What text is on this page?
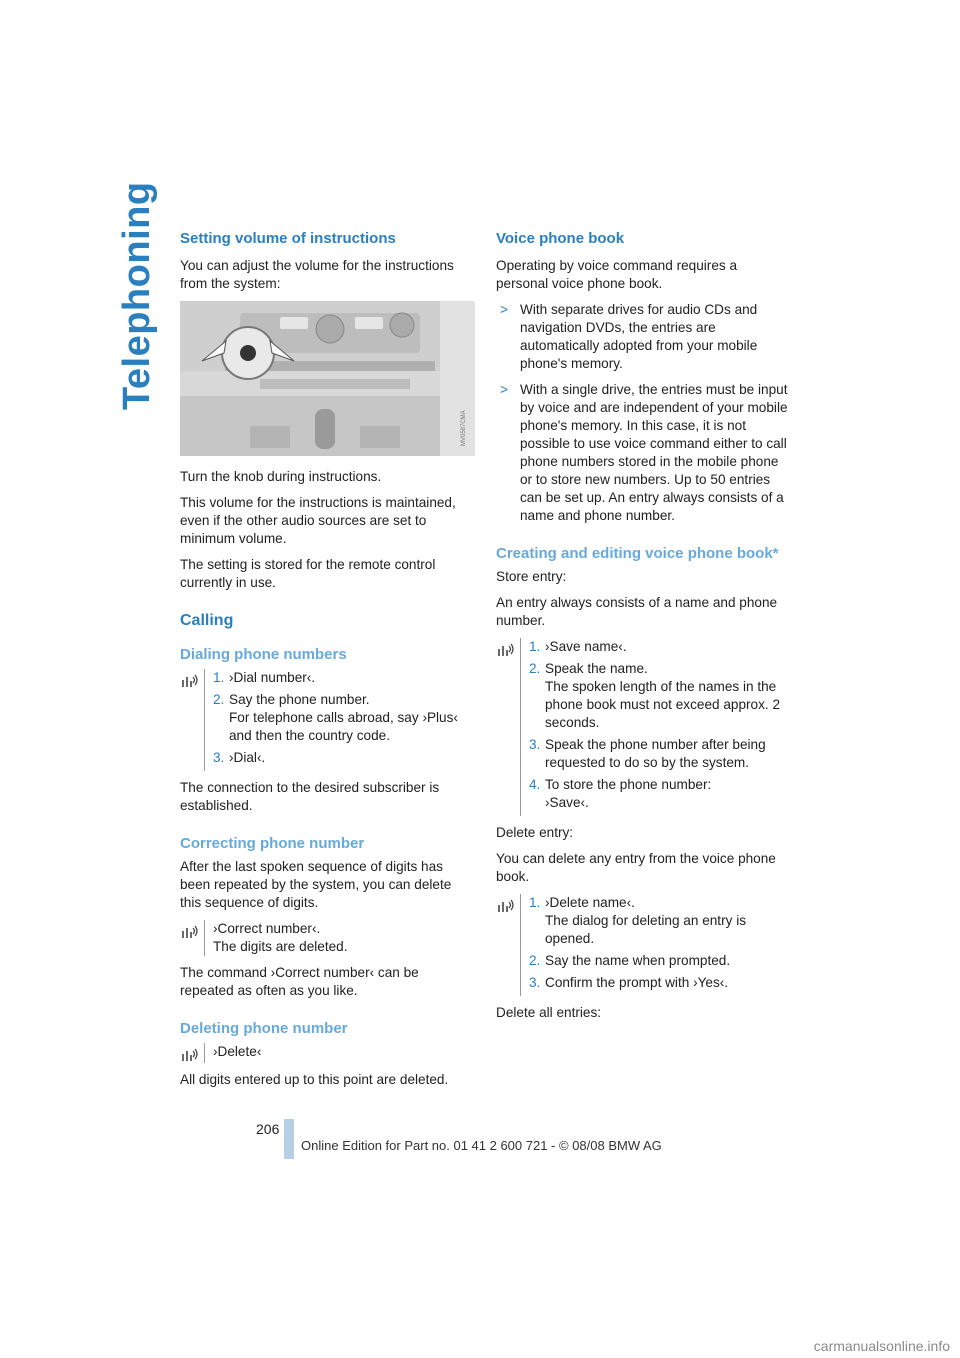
Telephoning Setting volume of instructions

You can adjust the volume for the instructions from the system:

MV0587CMA

Turn the knob during instructions.

This volume for the instructions is maintained, even if the other audio sources are set to minimum volume.

The setting is stored for the remote control currently in use.

Calling
Dialing phone numbers
1. ›Dial number‹.
2. Say the phone number.
For telephone calls abroad, say ›Plus‹ and then the country code.
3. ›Dial‹.

The connection to the desired subscriber is established.

Correcting phone number

After the last spoken sequence of digits has been repeated by the system, you can delete this sequence of digits.

›Correct number‹.
The digits are deleted.

The command ›Correct number‹ can be repeated as often as you like.

Deleting phone number
›Delete‹

All digits entered up to this point are deleted.

Voice phone book

Operating by voice command requires a personal voice phone book.

> With separate drives for audio CDs and navigation DVDs, the entries are automatically adopted from your mobile phone's memory.
> With a single drive, the entries must be input by voice and are independent of your mobile phone's memory. In this case, it is not possible to use voice command either to call phone numbers stored in the mobile phone or to store new numbers. Up to 50 entries can be set up. An entry always consists of a name and phone number.
Creating and editing voice phone book*

Store entry:

An entry always consists of a name and phone number.

1. ›Save name‹.
2. Speak the name.
The spoken length of the names in the phone book must not exceed approx. 2 seconds.
3. Speak the phone number after being requested to do so by the system.
4. To store the phone number:
›Save‹.

Delete entry:

You can delete any entry from the voice phone book.

1. ›Delete name‹.
The dialog for deleting an entry is opened.
2. Say the name when prompted.
3. Confirm the prompt with ›Yes‹.

Delete all entries:

206
Online Edition for Part no. 01 41 2 600 721 - © 08/08 BMW AG
carmanualsonline.info
